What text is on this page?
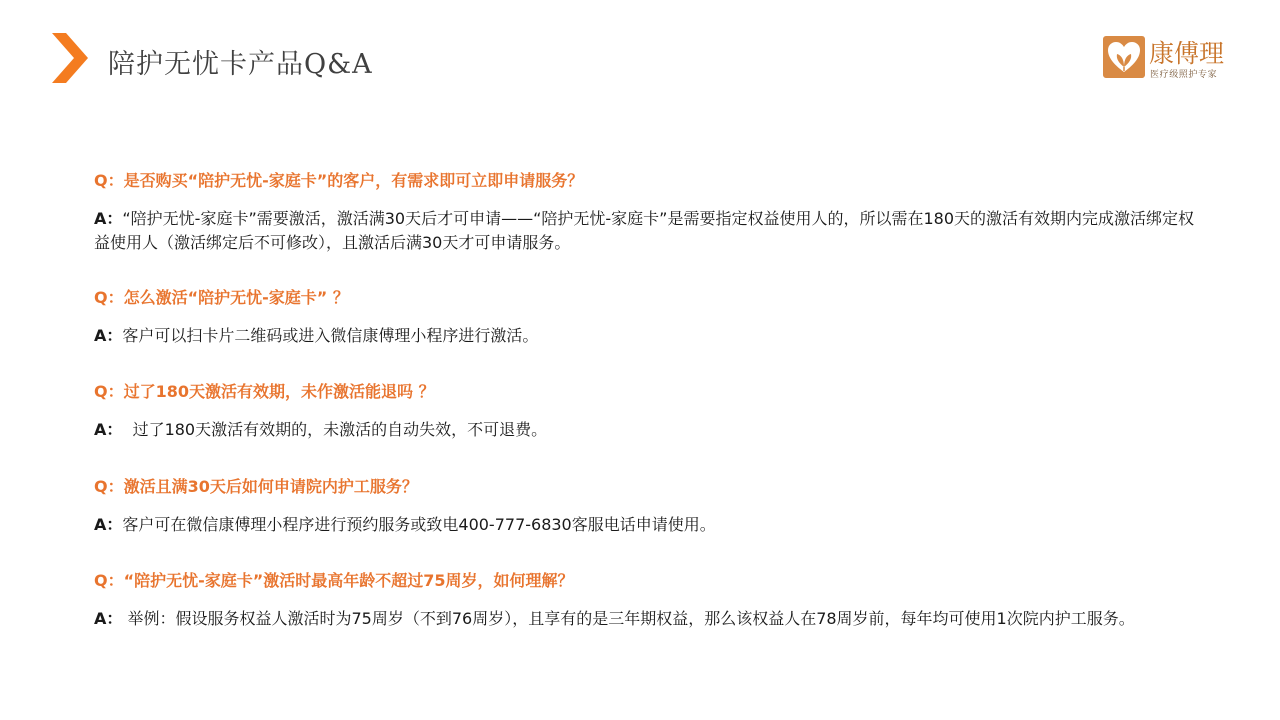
陪护无忧卡产品Q&A	康傅理
医疗级照护专家
Q：是否购买“陪护无忧-家庭卡”的客户，有需求即可立即申请服务？
A：“陪护无忧-家庭卡”需要激活，激活满30天后才可申请——“陪护无忧-家庭卡”是需要指定权益使用人的，所以需在180天的激活有效期内完成激活绑定权益使用人（激活绑定后不可修改），且激活后满30天才可申请服务。
Q：怎么激活“陪护无忧-家庭卡” ？
A：客户可以扫卡片二维码或进入微信康傅理小程序进行激活。
Q：过了180天激活有效期，未作激活能退吗 ？
A：  过了180天激活有效期的，未激活的自动失效，不可退费。
Q：激活且满30天后如何申请院内护工服务？
A：客户可在微信康傅理小程序进行预约服务或致电400-777-6830客服电话申请使用。
Q：“陪护无忧-家庭卡”激活时最高年龄不超过75周岁，如何理解？
A： 举例：假设服务权益人激活时为75周岁（不到76周岁），且享有的是三年期权益，那么该权益人在78周岁前，每年均可使用1次院内护工服务。
